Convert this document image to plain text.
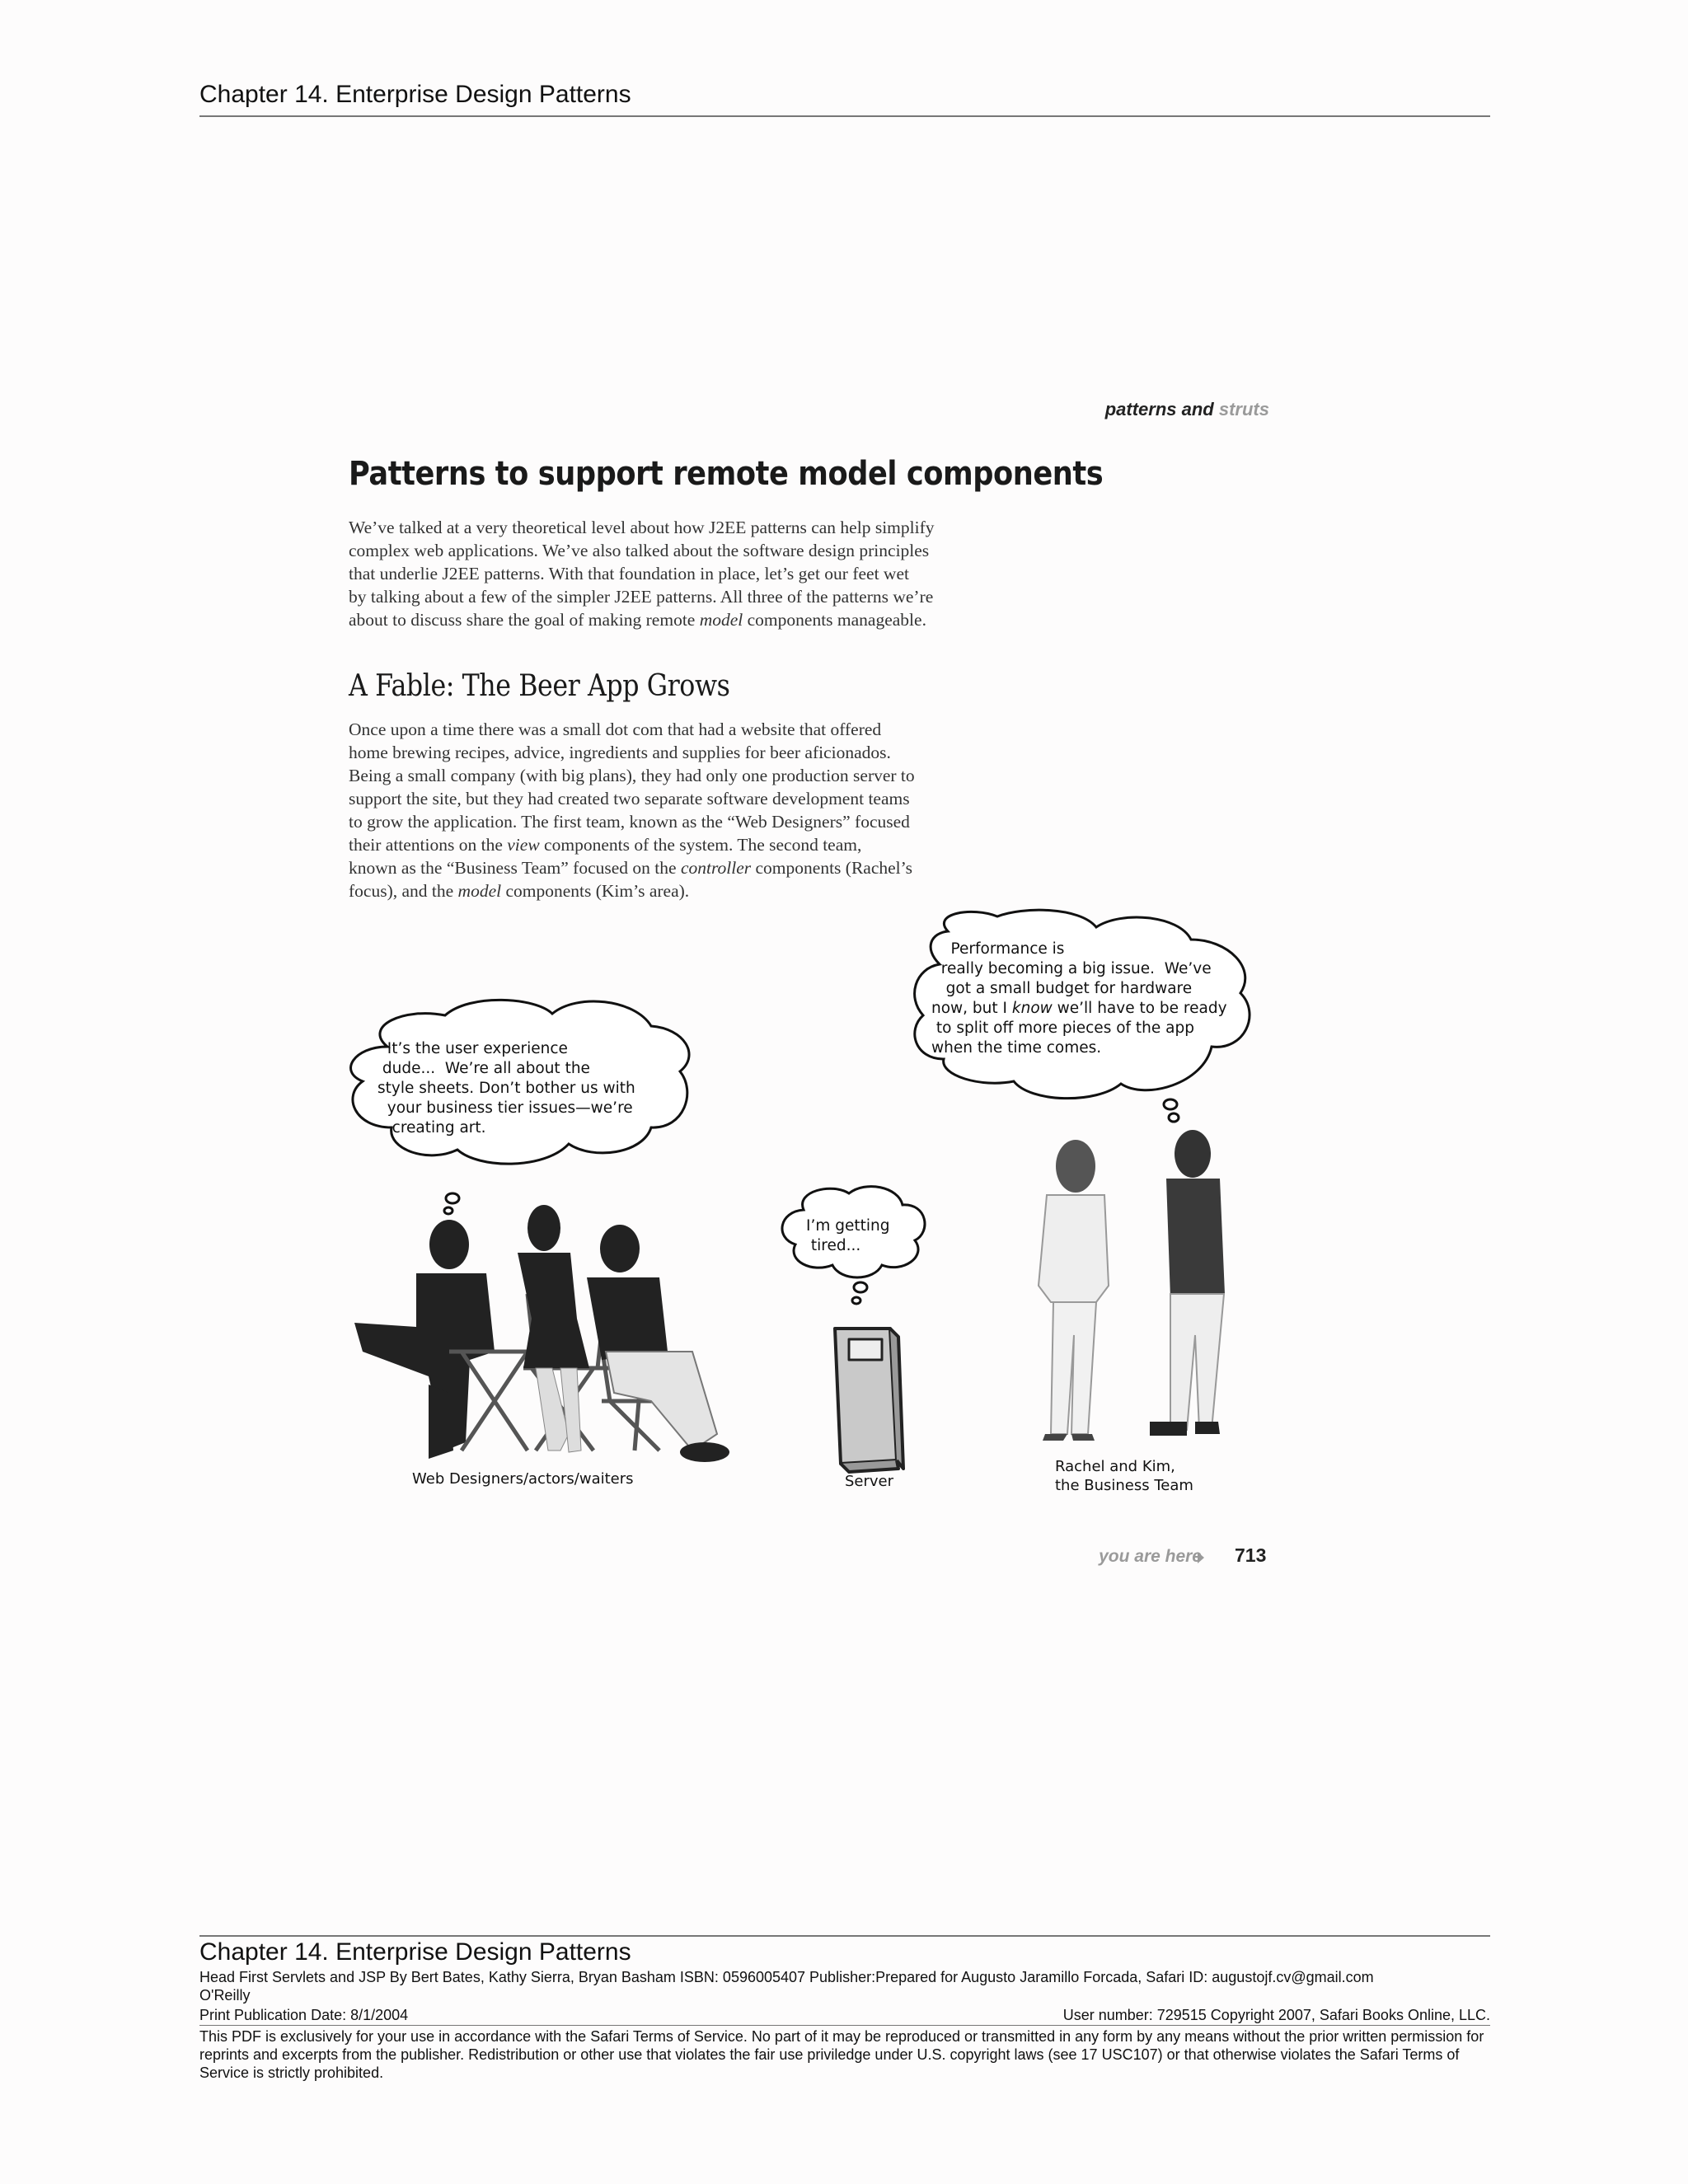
Chapter 14. Enterprise Design Patterns
patterns and struts
Patterns to support remote model components

We’ve talked at a very theoretical level about how J2EE patterns can help simplify

complex web applications. We’ve also talked about the software design principles

that underlie J2EE patterns. With that foundation in place, let’s get our feet wet

by talking about a few of the simpler J2EE patterns. All three of the patterns we’re

about to discuss share the goal of making remote model components manageable.

A Fable: The Beer App Grows

Once upon a time there was a small dot com that had a website that offered

home brewing recipes, advice, ingredients and supplies for beer aficionados.

Being a small company (with big plans), they had only one production server to

support the site, but they had created two separate software development teams

to grow the application. The first team, known as the “Web Designers” focused

their attentions on the view components of the system. The second team,

known as the “Business Team” focused on the controller components (Rachel’s

focus), and the model components (Kim’s area).

It’s the user experience
dude...  We’re all about the
style sheets. Don’t bother us with
your business tier issues—we’re
creating art.
I’m getting
tired...
Performance is
really becoming a big issue.  We’ve
got a small budget for hardware
now, but I know we’ll have to be ready
to split off more pieces of the app
when the time comes.
Web Designers/actors/waiters	Server
Rachel and Kim,
the Business Team
you are here 713
Chapter 14. Enterprise Design Patterns
Head First Servlets and JSP By Bert Bates, Kathy Sierra, Bryan Basham ISBN: 0596005407 Publisher:Prepared for Augusto Jaramillo Forcada, Safari ID: augustojf.cv@gmail.com
O'Reilly
Print Publication Date: 8/1/2004	User number: 729515 Copyright 2007, Safari Books Online, LLC.
This PDF is exclusively for your use in accordance with the Safari Terms of Service. No part of it may be reproduced or transmitted in any form by any means without the prior written permission for reprints and excerpts from the publisher. Redistribution or other use that violates the fair use priviledge under U.S. copyright laws (see 17 USC107) or that otherwise violates the Safari Terms of Service is strictly prohibited.
